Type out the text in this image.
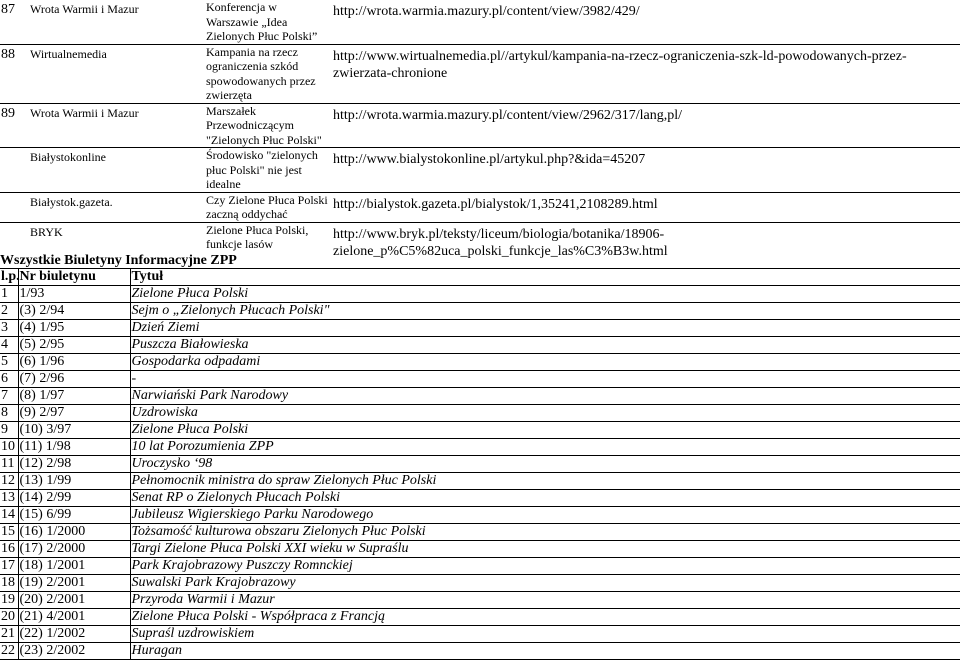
87	Wrota Warmii i Mazur	Konferencja w Warszawie „Idea Zielonych Płuc Polski”	http://wrota.warmia.mazury.pl/content/view/3982/429/
88	Wirtualnemedia	Kampania na rzecz ograniczenia szkód spowodowanych przez zwierzęta	http://www.wirtualnemedia.pl//artykul/kampania-na-rzecz-ograniczenia-szk-ld-powodowanych-przez-zwierzata-chronione
89	Wrota Warmii i Mazur	Marszałek Przewodniczącym "Zielonych Płuc Polski"	http://wrota.warmia.mazury.pl/content/view/2962/317/lang,pl/
	Białystokonline	Środowisko "zielonych płuc Polski" nie jest idealne	http://www.bialystokonline.pl/artykul.php?&ida=45207
	Białystok.gazeta.	Czy Zielone Płuca Polski zaczną oddychać	http://bialystok.gazeta.pl/bialystok/1,35241,2108289.html
	BRYK	Zielone Płuca Polski, funkcje lasów	http://www.bryk.pl/teksty/liceum/biologia/botanika/18906-zielone_p%C5%82uca_polski_funkcje_las%C3%B3w.html
Wszystkie Biuletyny Informacyjne ZPP
l.p.	Nr biuletynu	Tytuł
1	1/93	Zielone Płuca Polski
2	(3) 2/94	Sejm o „Zielonych Płucach Polski"
3	(4) 1/95	Dzień Ziemi
4	(5) 2/95	Puszcza Białowieska
5	(6) 1/96	Gospodarka odpadami
6	(7) 2/96	-
7	(8) 1/97	Narwiański Park Narodowy
8	(9) 2/97	Uzdrowiska
9	(10) 3/97	Zielone Płuca Polski
10	(11) 1/98	10 lat Porozumienia ZPP
11	(12) 2/98	Uroczysko ‘98
12	(13) 1/99	Pełnomocnik ministra do spraw Zielonych Płuc Polski
13	(14) 2/99	Senat RP o Zielonych Płucach Polski
14	(15) 6/99	Jubileusz Wigierskiego Parku Narodowego
15	(16) 1/2000	Tożsamość kulturowa obszaru Zielonych Płuc Polski
16	(17) 2/2000	Targi Zielone Płuca Polski XXI wieku w Supraślu
17	(18) 1/2001	Park Krajobrazowy Puszczy Romnckiej
18	(19) 2/2001	Suwalski Park Krajobrazowy
19	(20) 2/2001	Przyroda Warmii i Mazur
20	(21) 4/2001	Zielone Płuca Polski - Współpraca z Francją
21	(22) 1/2002	Supraśl uzdrowiskiem
22	(23) 2/2002	Huragan
